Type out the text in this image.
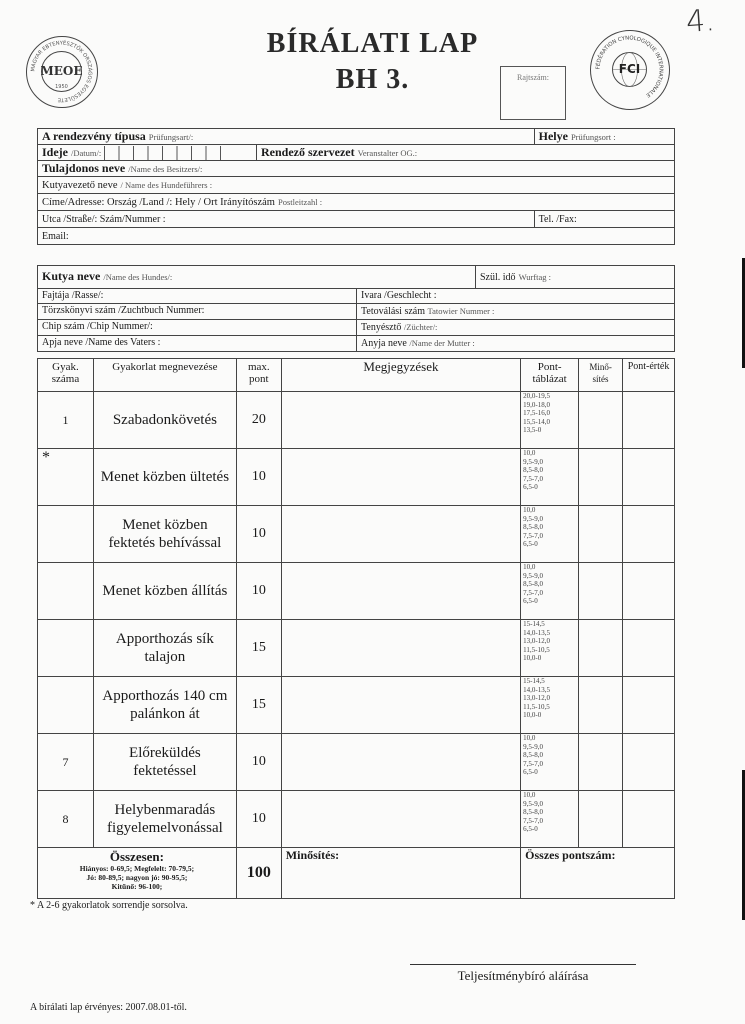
MAGYAR EBTENYÉSZTŐK ORSZÁGOS EGYESÜLETE
MEOE
1950
BÍRÁLATI LAP
BH 3.	Rajtszám:
FÉDÉRATION CYNOLOGIQUE INTERNATIONALE
FCI
4.
A rendezvény típusa Prüfungsart/:		Helye Prüfungsort :
Ideje /Datum/:	Rendező szervezet Veranstalter OG.:	
Tulajdonos neve /Name des Besitzers/:		
Kutyavezető neve / Name des Hundeführers :		
Címe/Adresse: Ország /Land /: Hely / Ort Irányítószám Postleitzahl :		
Utca /Straße/: Szám/Nummer :		Tel. /Fax:
Email:		
Kutya neve /Name des Hundes/:		Szül. idő Wurftag :
Fajtája /Rasse/:	Ivara /Geschlecht :	
Törzskönyvi szám /Zuchtbuch Nummer:	Tetoválási szám Tatowier Nummer :	
Chip szám /Chip Nummer/:	Tenyésztő /Züchter/:	
Apja neve /Name des Vaters :	Anyja neve /Name der Mutter :	
Gyak. száma	Gyakorlat megnevezése	max. pont	Megjegyzések	Pont-táblázat	Minő-sítés	Pont-érték
1	Szabadonkövetés	20		20,0-19,5
19,0-18,0
17,5-16,0
15,5-14,0
13,5-0		

*	Menet közben ültetés	10		10,0
9,5-9,0
8,5-8,0
7,5-7,0
6,5-0		

	Menet közben fektetés behívással	10		10,0
9,5-9,0
8,5-8,0
7,5-7,0
6,5-0		

	Menet közben állítás	10		10,0
9,5-9,0
8,5-8,0
7,5-7,0
6,5-0		

	Apporthozás sík talajon	15		15-14,5
14,0-13,5
13,0-12,0
11,5-10,5
10,0-0		

	Apporthozás 140 cm palánkon át	15		15-14,5
14,0-13,5
13,0-12,0
11,5-10,5
10,0-0		

7	Előreküldés fektetéssel	10		10,0
9,5-9,0
8,5-8,0
7,5-7,0
6,5-0		

8	Helybenmaradás figyelemelvonással	10		10,0
9,5-9,0
8,5-8,0
7,5-7,0
6,5-0		

Összesen:
Hiányos: 0-69,5; Megfelelt: 70-79,5;
Jó: 80-89,5; nagyon jó: 90-95,5;
Kitűnő: 96-100;		100	Minősítés:	Összes pontszám:		
* A 2-6 gyakorlatok sorrendje sorsolva.
Teljesítménybíró aláírása
A bírálati lap érvényes: 2007.08.01-től.
